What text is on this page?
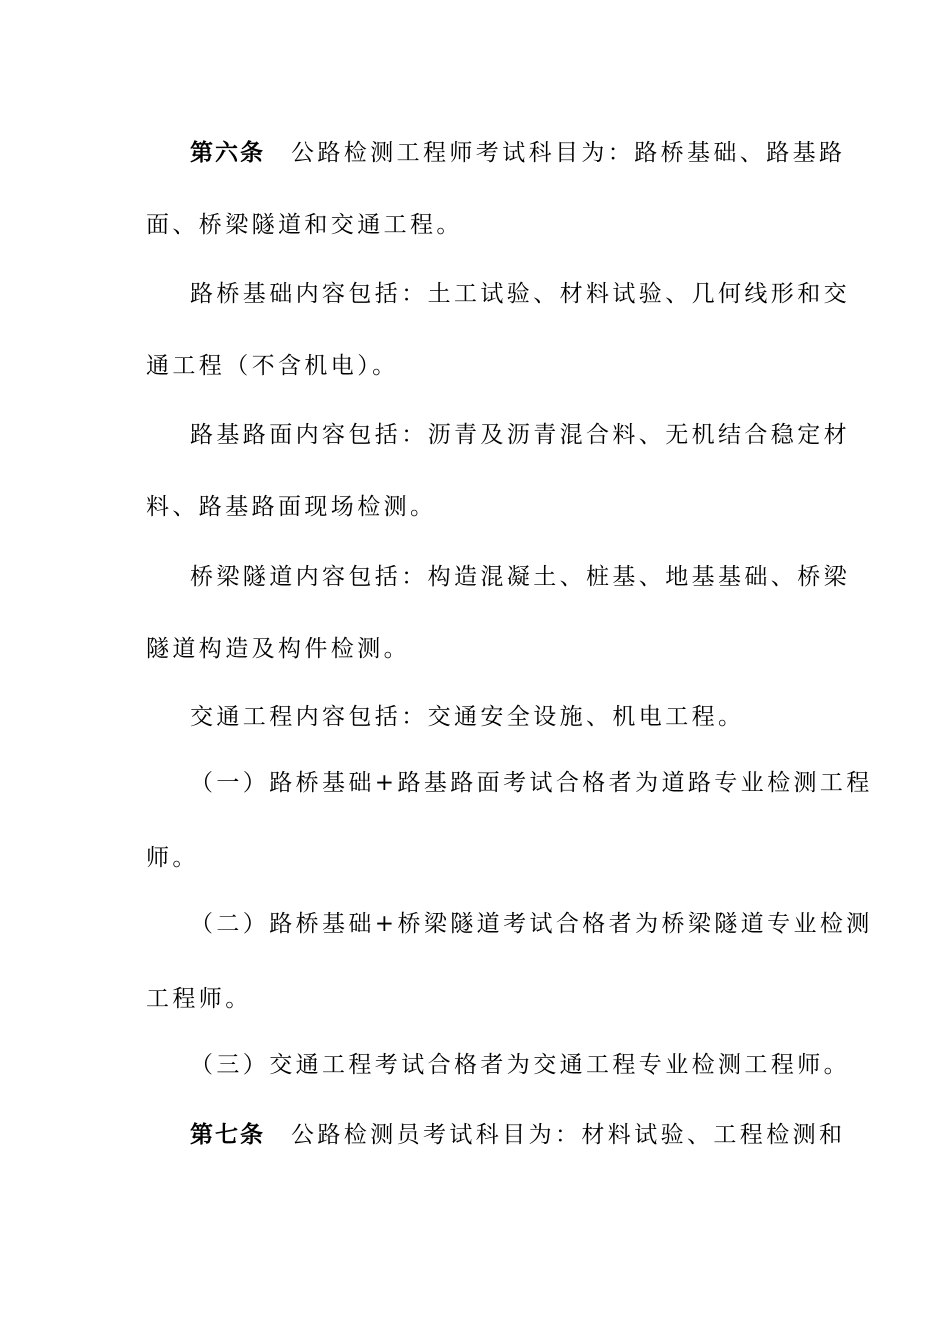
第六条 公路检测工程师考试科目为：路桥基础、路基路
面、桥梁隧道和交通工程。
路桥基础内容包括：土工试验、材料试验、几何线形和交
通工程（不含机电）。
路基路面内容包括：沥青及沥青混合料、无机结合稳定材
料、路基路面现场检测。
桥梁隧道内容包括：构造混凝土、桩基、地基基础、桥梁
隧道构造及构件检测。
交通工程内容包括：交通安全设施、机电工程。
（一）路桥基础+路基路面考试合格者为道路专业检测工程
师。
（二）路桥基础+桥梁隧道考试合格者为桥梁隧道专业检测
工程师。
（三）交通工程考试合格者为交通工程专业检测工程师。
第七条 公路检测员考试科目为：材料试验、工程检测和
